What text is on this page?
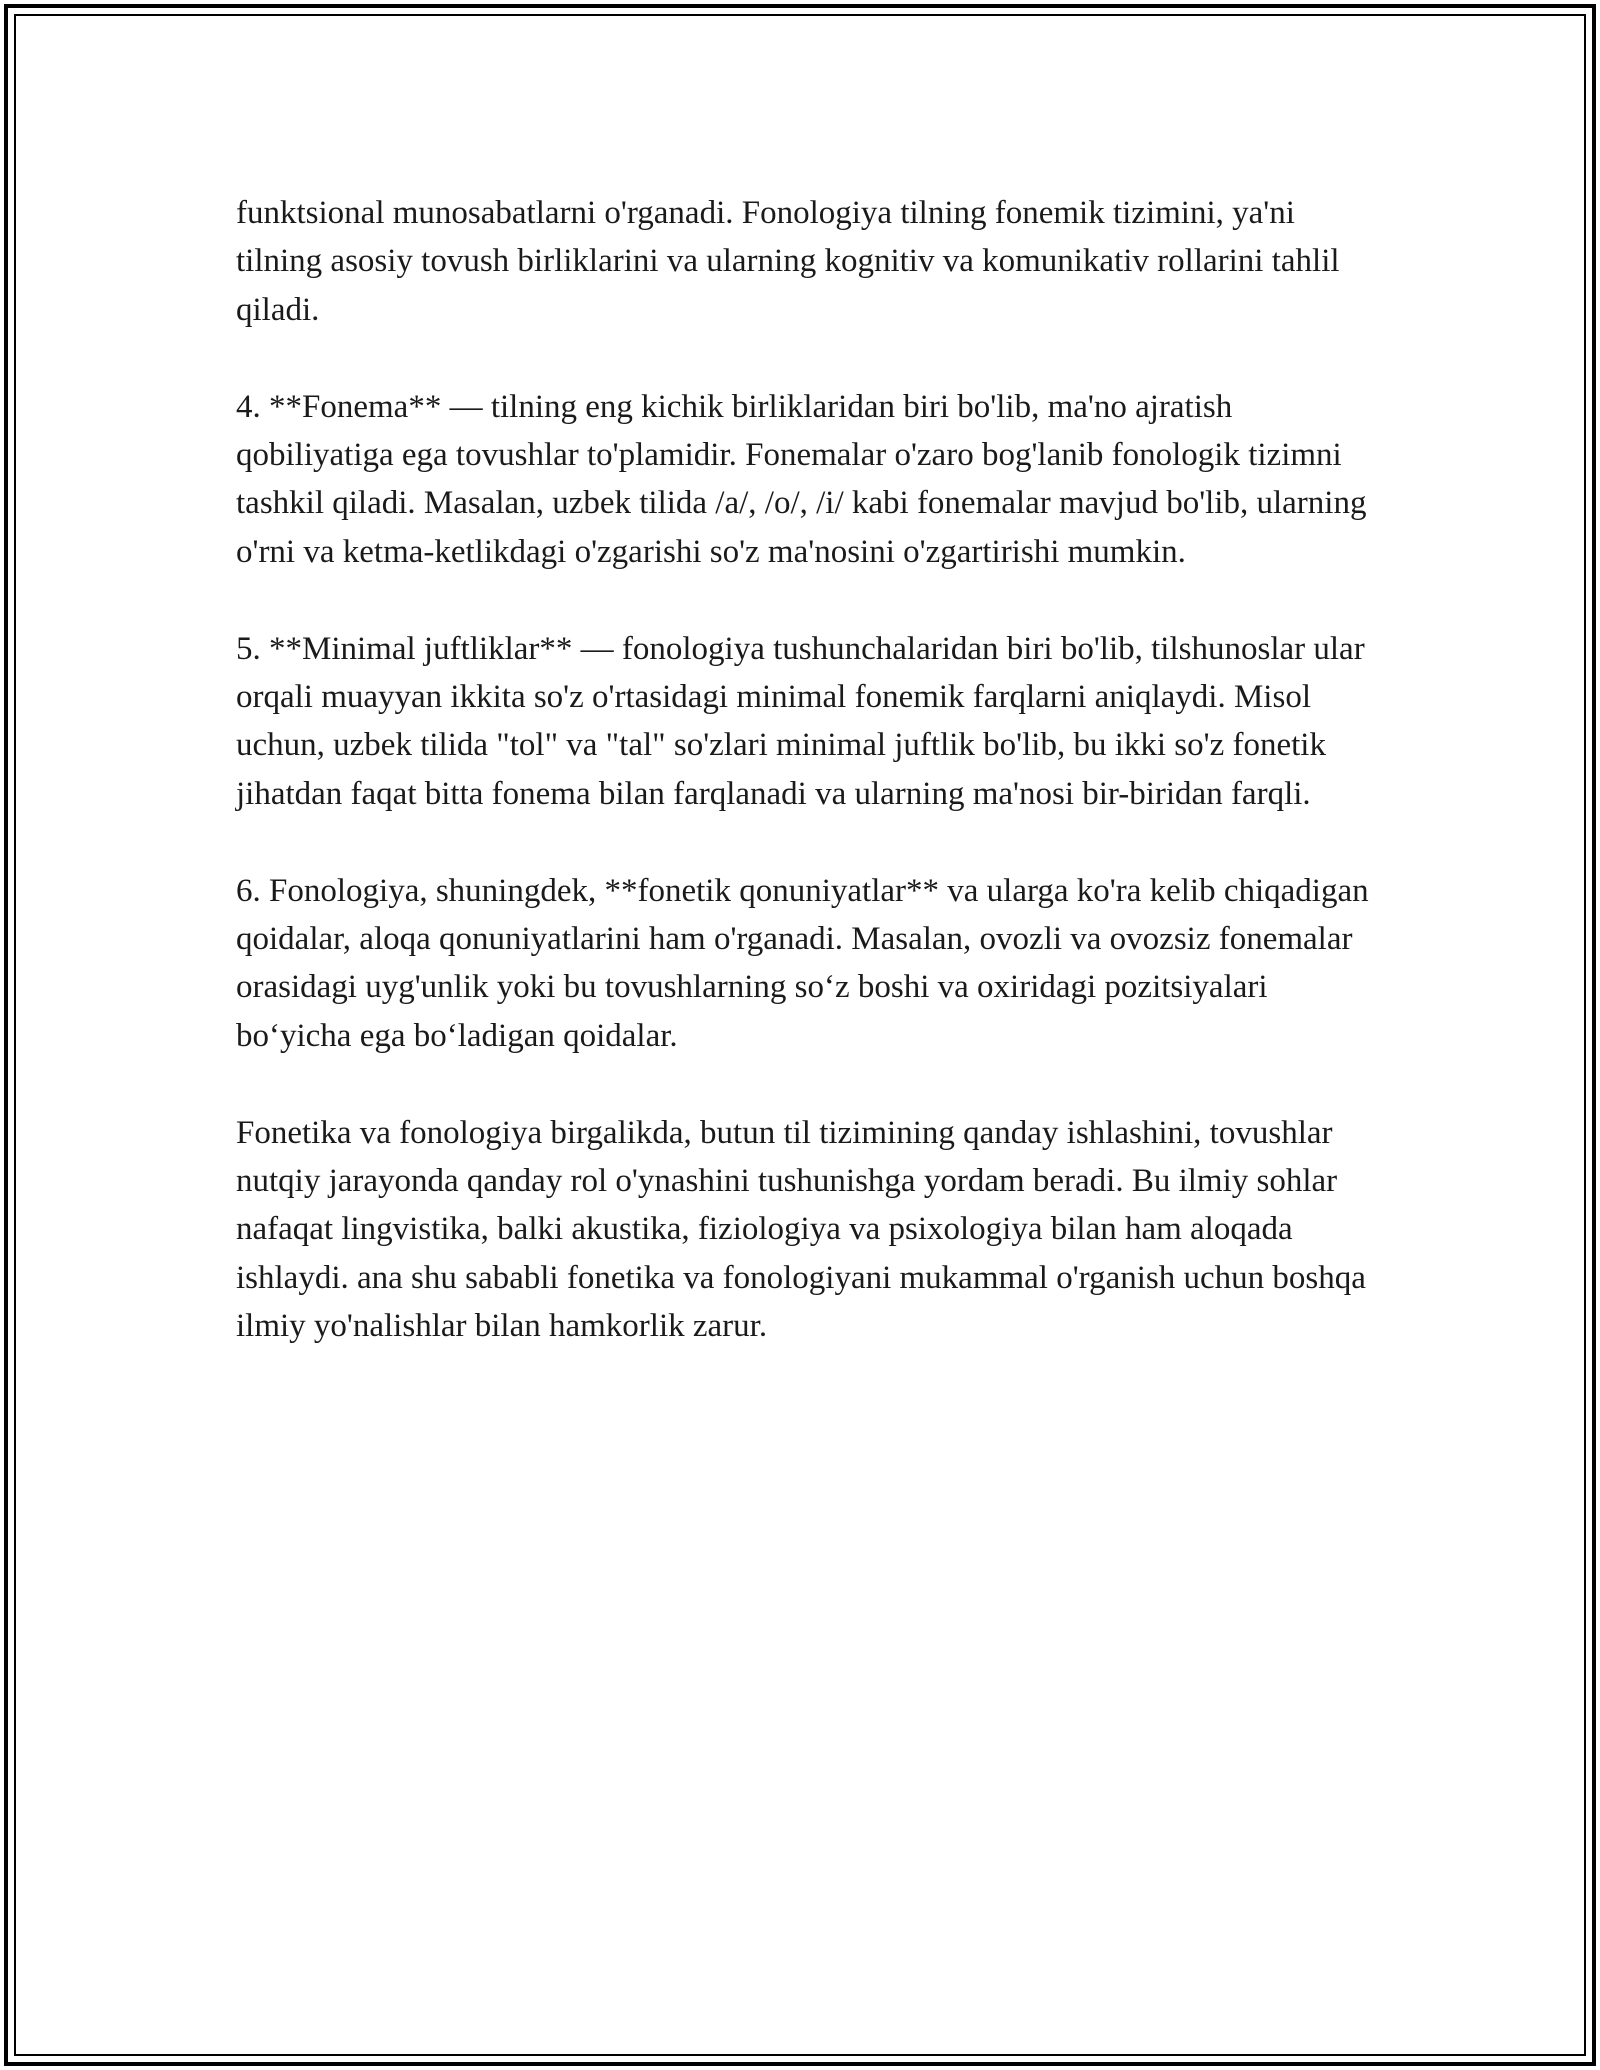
funktsional munosabatlarni o'rganadi. Fonologiya tilning fonemik tizimini, ya'ni tilning asosiy tovush birliklarini va ularning kognitiv va komunikativ rollarini tahlil qiladi.

4. **Fonema** — tilning eng kichik birliklaridan biri bo'lib, ma'no ajratish qobiliyatiga ega tovushlar to'plamidir. Fonemalar o'zaro bog'lanib fonologik tizimni tashkil qiladi. Masalan, uzbek tilida /a/, /o/, /i/ kabi fonemalar mavjud bo'lib, ularning o'rni va ketma-ketlikdagi o'zgarishi so'z ma'nosini o'zgartirishi mumkin.

5. **Minimal juftliklar** — fonologiya tushunchalaridan biri bo'lib, tilshunoslar ular orqali muayyan ikkita so'z o'rtasidagi minimal fonemik farqlarni aniqlaydi. Misol uchun, uzbek tilida "tol" va "tal" so'zlari minimal juftlik bo'lib, bu ikki so'z fonetik jihatdan faqat bitta fonema bilan farqlanadi va ularning ma'nosi bir-biridan farqli.

6. Fonologiya, shuningdek, **fonetik qonuniyatlar** va ularga ko'ra kelib chiqadigan qoidalar, aloqa qonuniyatlarini ham o'rganadi. Masalan, ovozli va ovozsiz fonemalar orasidagi uyg'unlik yoki bu tovushlarning so‘z boshi va oxiridagi pozitsiyalari bo‘yicha ega bo‘ladigan qoidalar.

Fonetika va fonologiya birgalikda, butun til tizimining qanday ishlashini, tovushlar nutqiy jarayonda qanday rol o'ynashini tushunishga yordam beradi. Bu ilmiy sohlar nafaqat lingvistika, balki akustika, fiziologiya va psixologiya bilan ham aloqada ishlaydi. ana shu sababli fonetika va fonologiyani mukammal o'rganish uchun boshqa ilmiy yo'nalishlar bilan hamkorlik zarur.
